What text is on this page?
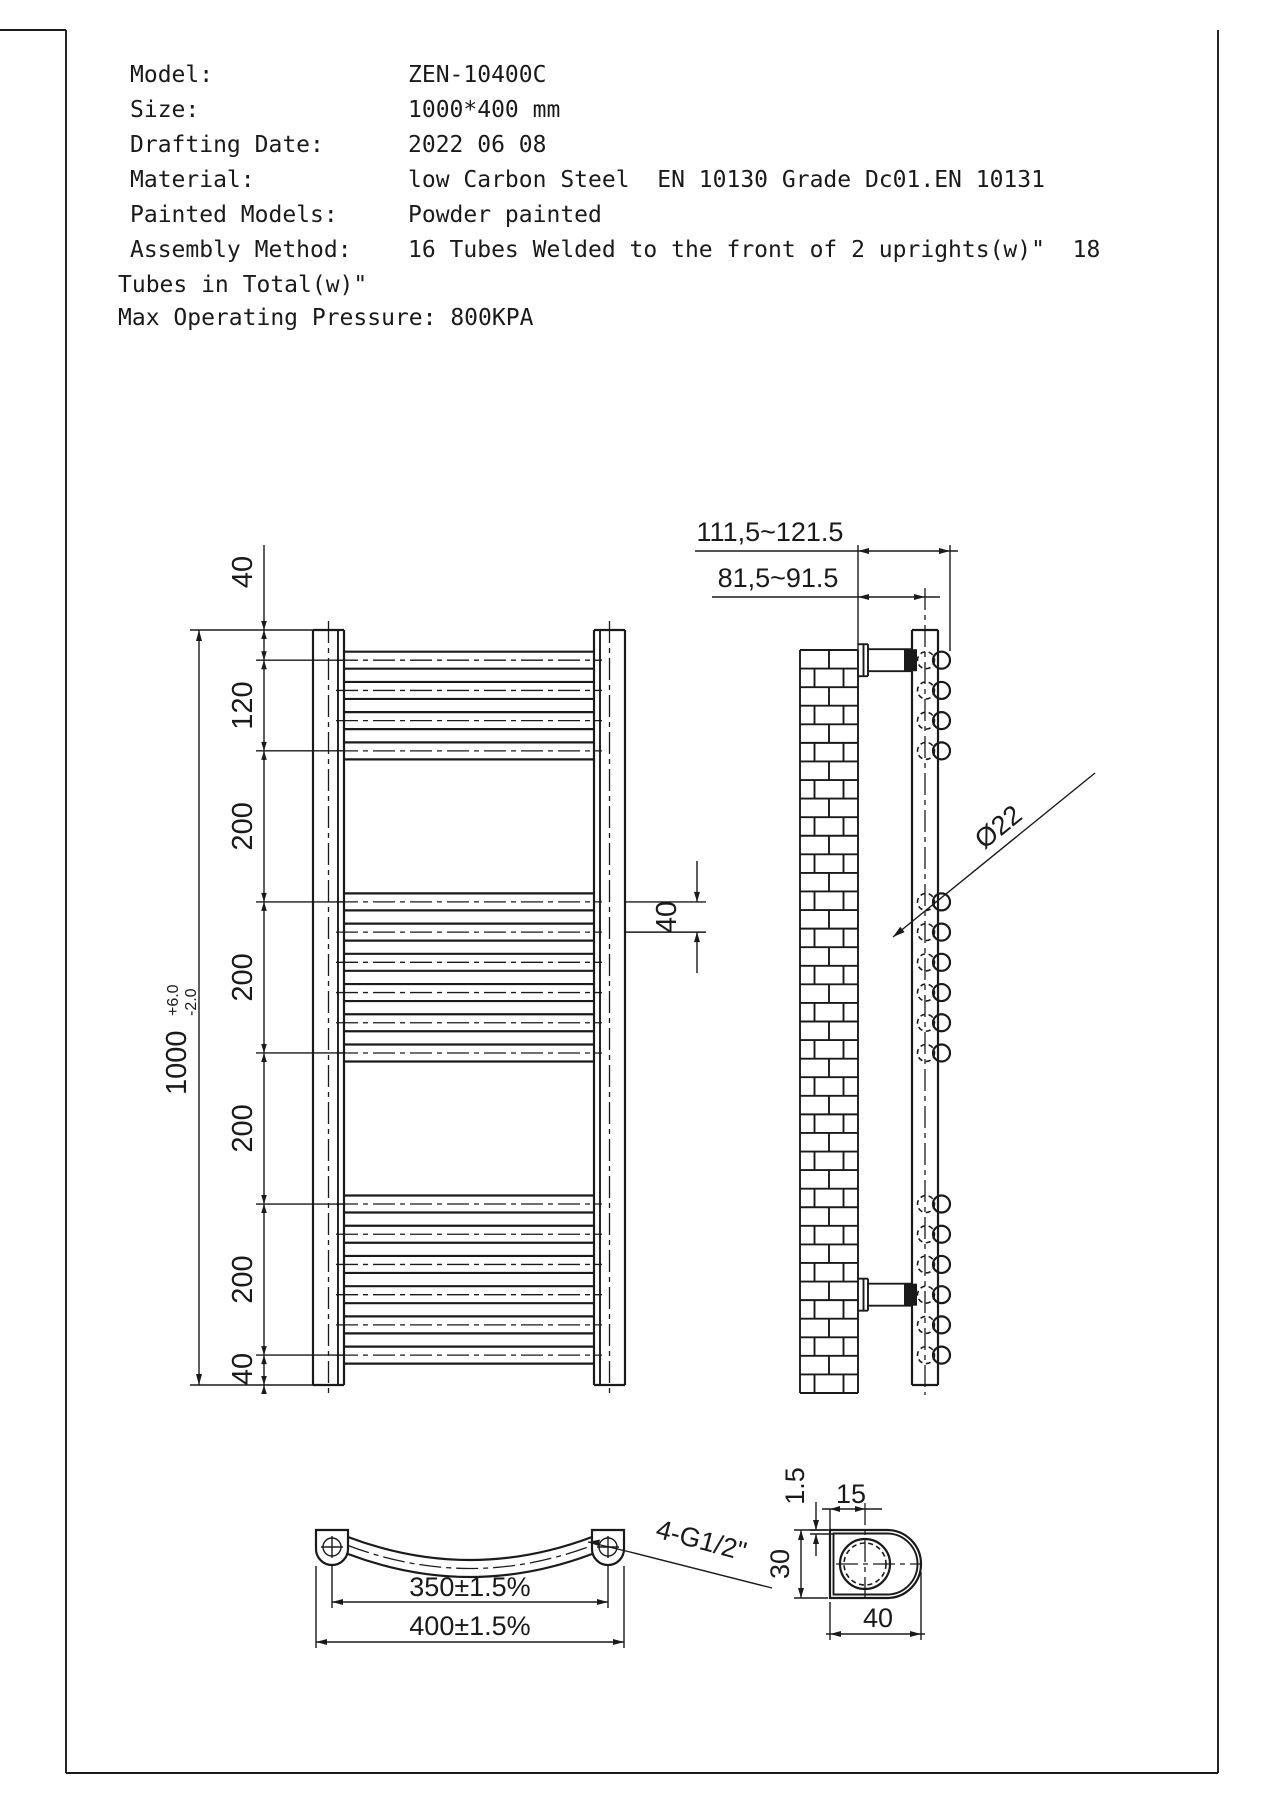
Model:	ZEN-10400C
Size:	1000*400 mm
Drafting Date:	2022 06 08
Material:	low Carbon Steel  EN 10130 Grade Dc01.EN 10131
Painted Models:	Powder painted
Assembly Method: 16 Tubes Welded to the front of 2 uprights(w)"  18
Tubes in Total(w)"
Max Operating Pressure: 800KPA
1000+6.0-2.0
40
120
200
200
200
200
40
40
111,5~121.5
81,5~91.5
Ø22
350±1.5%
400±1.5%
4-G1/2"
1.5 15
30
40
